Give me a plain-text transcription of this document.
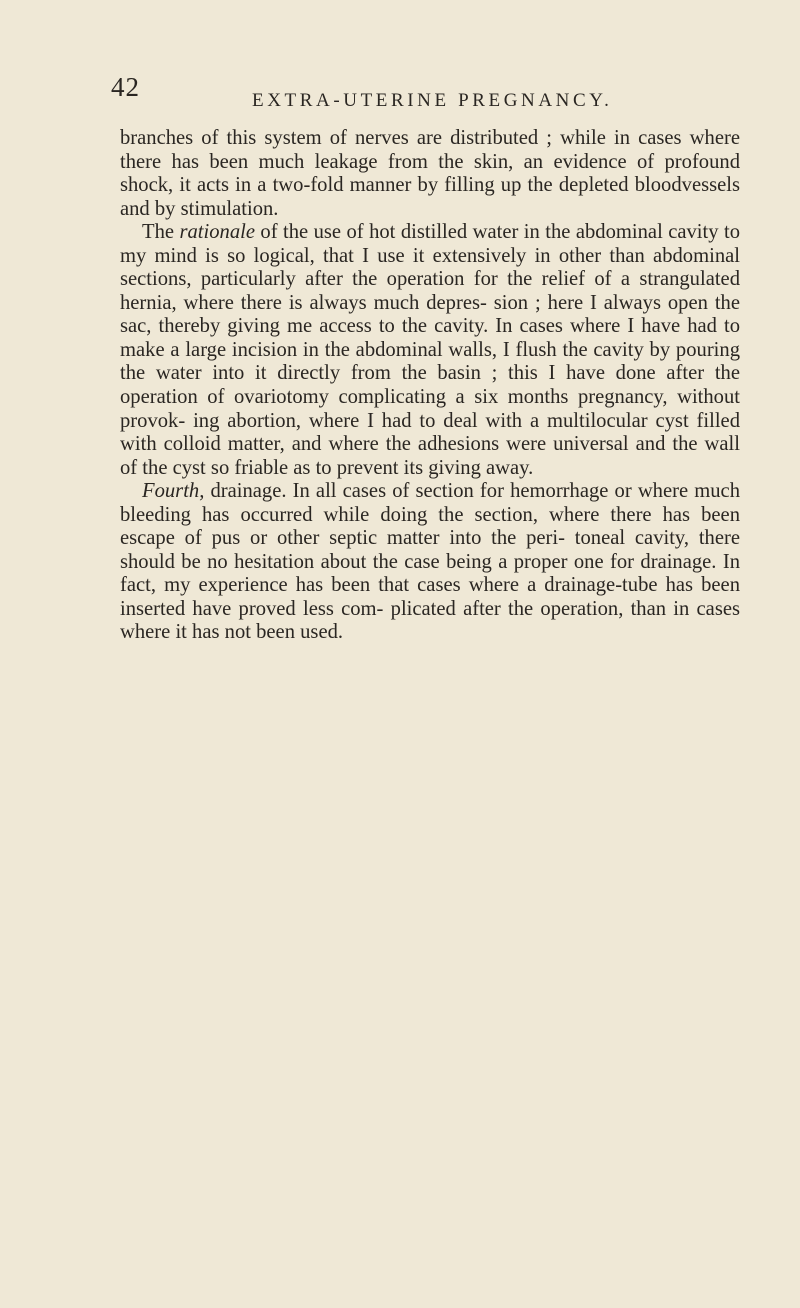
42	EXTRA-UTERINE PREGNANCY.

branches of this system of nerves are distributed ; while in cases where there has been much leakage from the skin, an evidence of profound shock, it acts in a two-fold manner by filling up the depleted bloodvessels and by stimulation.

The rationale of the use of hot distilled water in the abdominal cavity to my mind is so logical, that I use it extensively in other than abdominal sections, particularly after the operation for the relief of a strangulated hernia, where there is always much depres- sion ; here I always open the sac, thereby giving me access to the cavity. In cases where I have had to make a large incision in the abdominal walls, I flush the cavity by pouring the water into it directly from the basin ; this I have done after the operation of ovariotomy complicating a six months pregnancy, without provok- ing abortion, where I had to deal with a multilocular cyst filled with colloid matter, and where the adhesions were universal and the wall of the cyst so friable as to prevent its giving away.

Fourth, drainage. In all cases of section for hemorrhage or where much bleeding has occurred while doing the section, where there has been escape of pus or other septic matter into the peri- toneal cavity, there should be no hesitation about the case being a proper one for drainage. In fact, my experience has been that cases where a drainage-tube has been inserted have proved less com- plicated after the operation, than in cases where it has not been used.
